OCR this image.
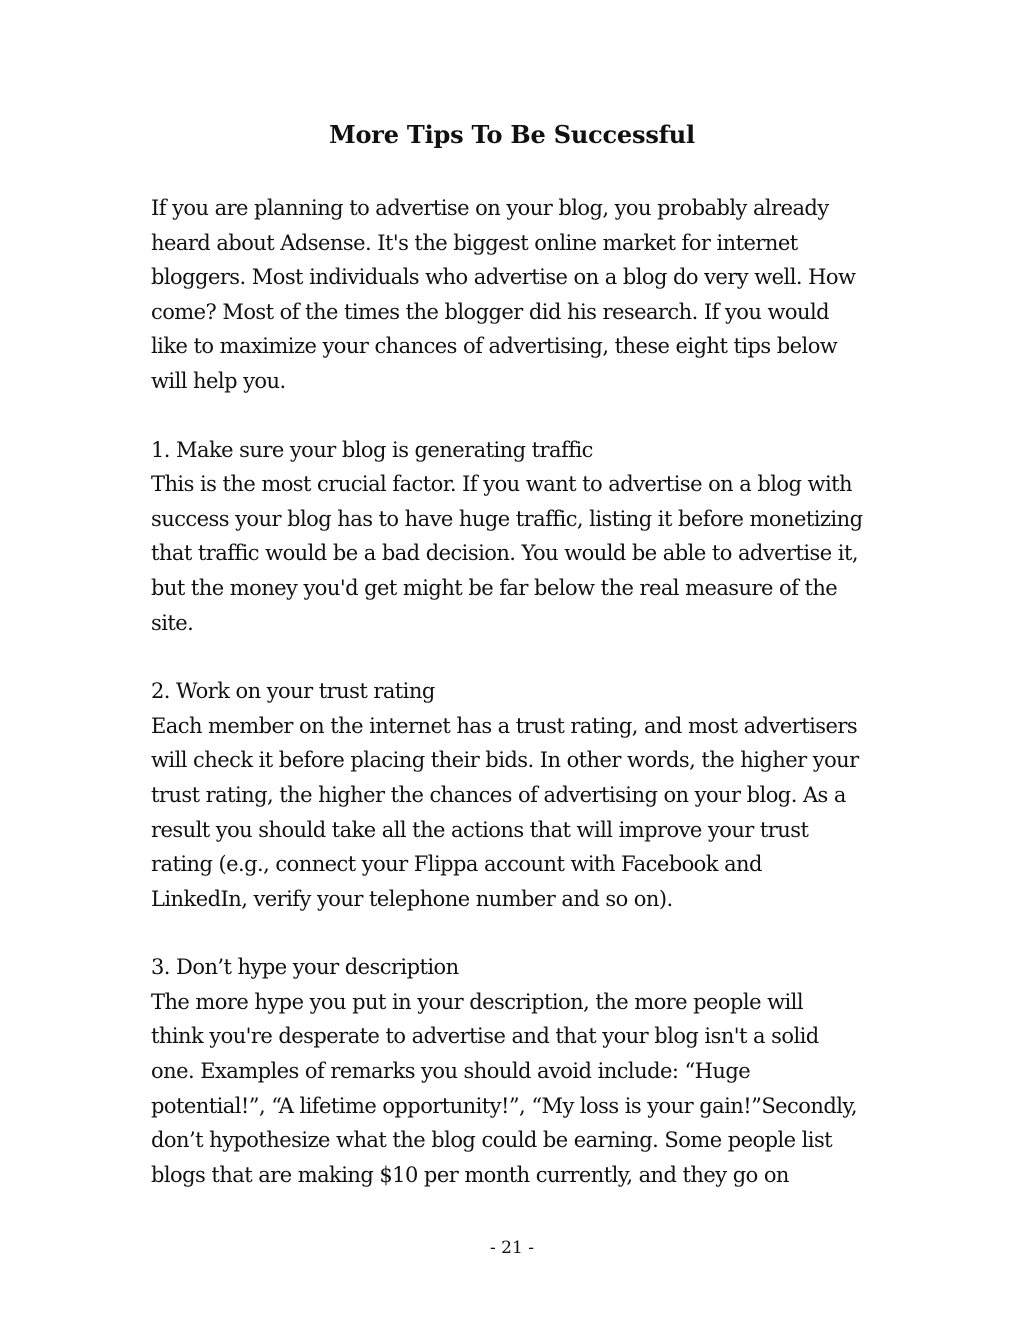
More Tips To Be Successful
If you are planning to advertise on your blog, you probably already
heard about Adsense. It's the biggest online market for internet
bloggers. Most individuals who advertise on a blog do very well. How
come? Most of the times the blogger did his research. If you would
like to maximize your chances of advertising, these eight tips below
will help you.
1. Make sure your blog is generating traffic
This is the most crucial factor. If you want to advertise on a blog with
success your blog has to have huge traffic, listing it before monetizing
that traffic would be a bad decision. You would be able to advertise it,
but the money you'd get might be far below the real measure of the
site.
2. Work on your trust rating
Each member on the internet has a trust rating, and most advertisers
will check it before placing their bids. In other words, the higher your
trust rating, the higher the chances of advertising on your blog. As a
result you should take all the actions that will improve your trust
rating (e.g., connect your Flippa account with Facebook and
LinkedIn, verify your telephone number and so on).
3. Don’t hype your description
The more hype you put in your description, the more people will
think you're desperate to advertise and that your blog isn't a solid
one. Examples of remarks you should avoid include: “Huge
potential!”, “A lifetime opportunity!”, “My loss is your gain!”Secondly,
don’t hypothesize what the blog could be earning. Some people list
blogs that are making $10 per month currently, and they go on
- 21 -
